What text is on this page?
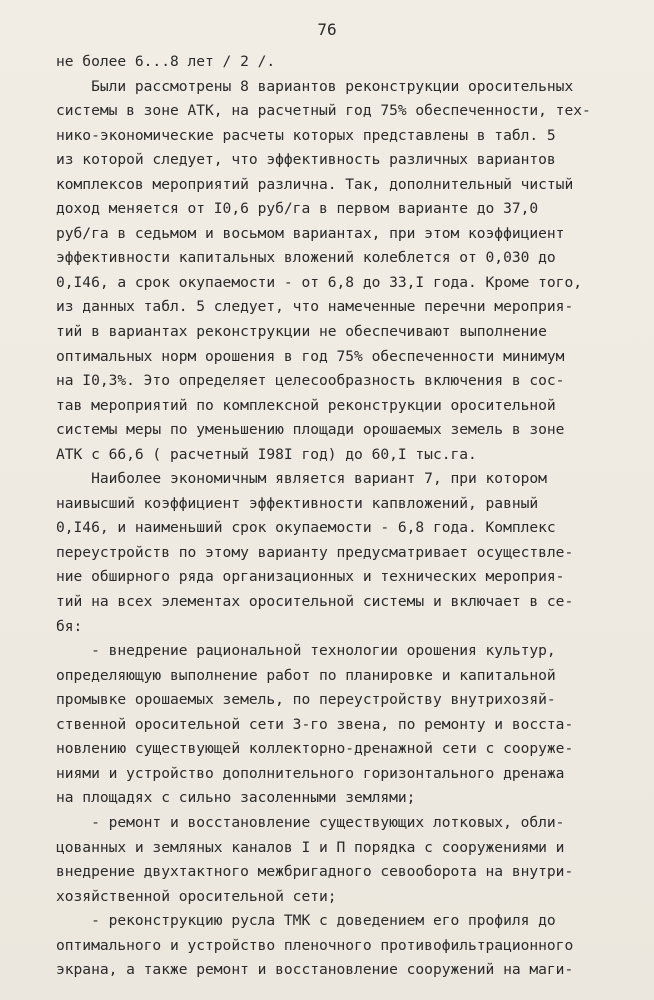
76
не более 6...8 лет / 2 /.
Были рассмотрены 8 вариантов реконструкции оросительных
системы в зоне АТК, на расчетный год 75% обеспеченности, тех-
нико-экономические расчеты которых представлены в табл. 5
из которой следует, что эффективность различных вариантов
комплексов мероприятий различна. Так, дополнительный чистый
доход меняется от I0,6 руб/га в первом варианте до 37,0
руб/га в седьмом и восьмом вариантах, при этом коэффициент
эффективности капитальных вложений колеблется от 0,030 до
0,I46, а срок окупаемости - от 6,8 до 33,I года. Кроме того,
из данных табл. 5 следует, что намеченные перечни мероприя-
тий в вариантах реконструкции не обеспечивают выполнение
оптимальных норм орошения в год 75% обеспеченности минимум
на I0,3%. Это определяет целесообразность включения в сос-
тав мероприятий по комплексной реконструкции оросительной
системы меры по уменьшению площади орошаемых земель в зоне
АТК с 66,6 ( расчетный I98I год) до 60,I тыс.га.
Наиболее экономичным является вариант 7, при котором
наивысший коэффициент эффективности капвложений, равный
0,I46, и наименьший срок окупаемости - 6,8 года. Комплекс
переустройств по этому варианту предусматривает осуществле-
ние обширного ряда организационных и технических мероприя-
тий на всех элементах оросительной системы и включает в се-
бя:
- внедрение рациональной технологии орошения культур,
определяющую выполнение работ по планировке и капитальной
промывке орошаемых земель, по переустройству внутрихозяй-
ственной оросительной сети 3-го звена, по ремонту и восста-
новлению существующей коллекторно-дренажной сети с сооруже-
ниями и устройство дополнительного горизонтального дренажа
на площадях с сильно засоленными землями;
- ремонт и восстановление существующих лотковых, обли-
цованных и земляных каналов I и П порядка с сооружениями и
внедрение двухтактного межбригадного севооборота на внутри-
хозяйственной оросительной сети;
- реконструкцию русла ТМК с доведением его профиля до
оптимального и устройство пленочного противофильтрационного
экрана, а также ремонт и восстановление сооружений на маги-
